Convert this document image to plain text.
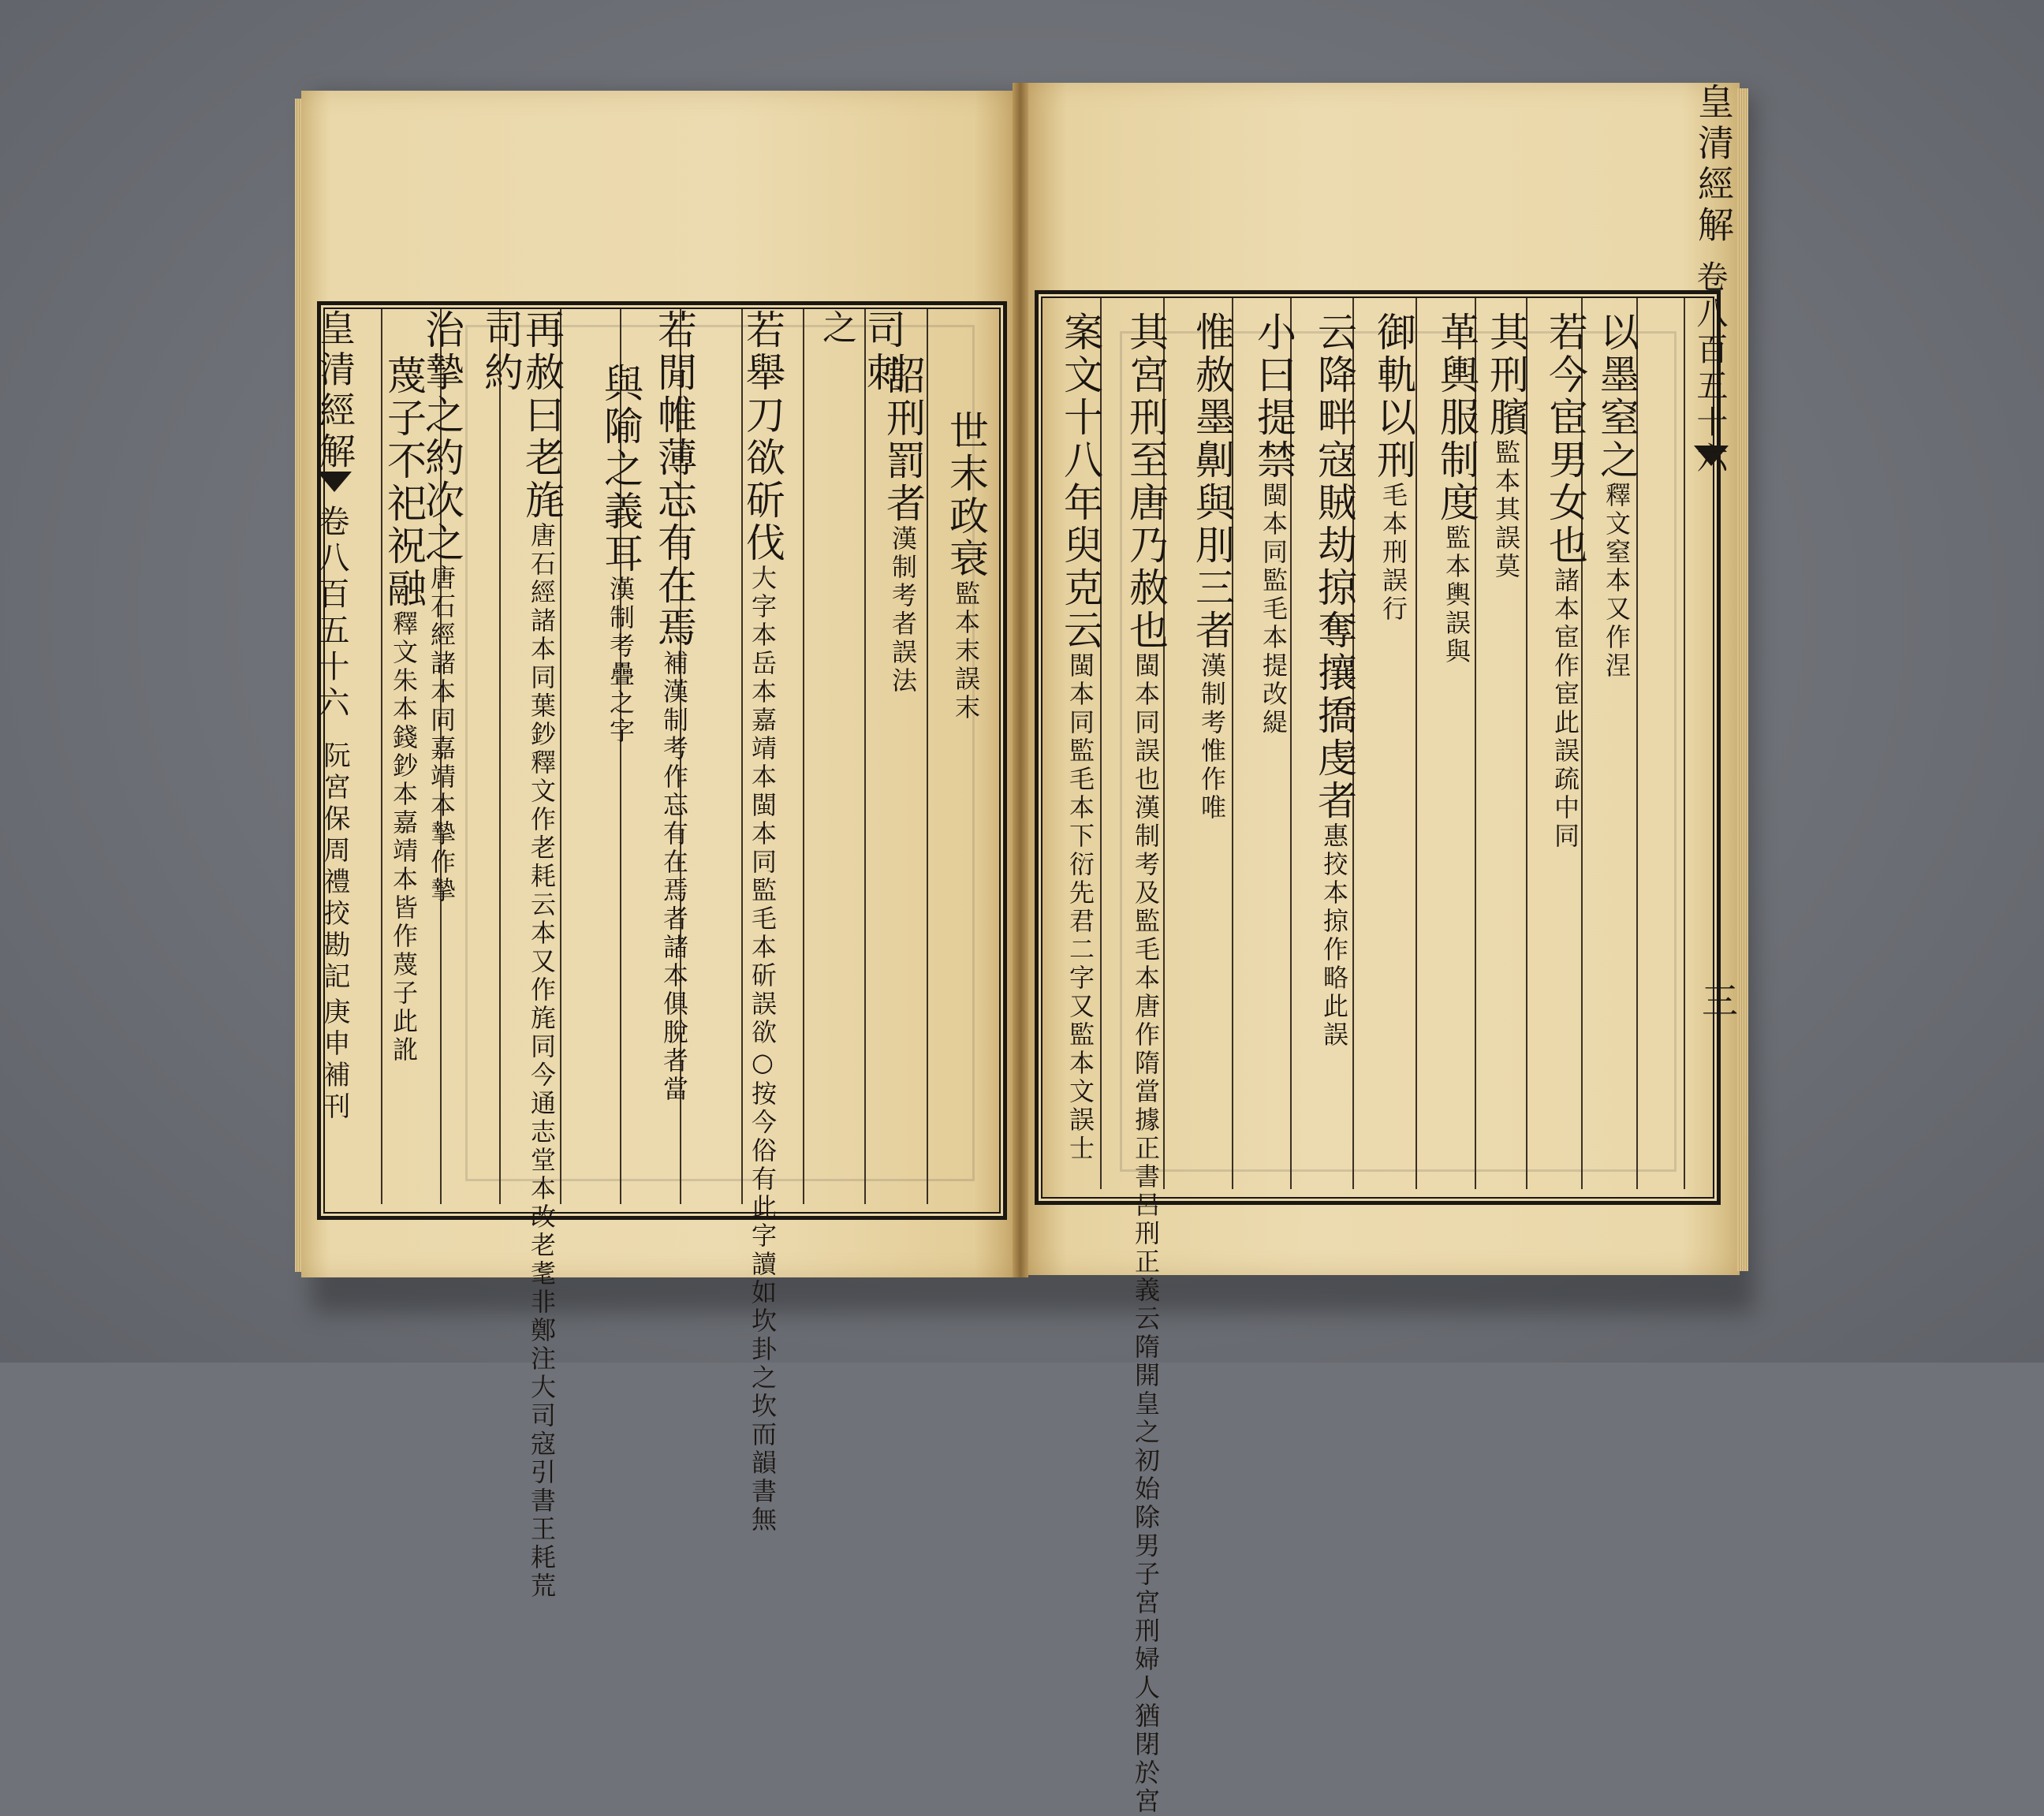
皇清經解
卷八百五十六
阮宮保周禮挍勘記
庚申補刊
蔑子不祀祝融釋文朱本錢鈔本嘉靖本皆作蔑子此訛
治摯之約次之唐石經諸本同嘉靖本摯作摯
司約
再赦曰老旄唐石經諸本同葉鈔釋文作老耗云本又作旄同今通志堂本改老耄非鄭注大司寇引書王耗荒
與隃之義耳漢制考疊之字
若閒帷薄忘有在焉補漢制考作忘有在焉者諸本俱脫者當
若舉刀欲斫伐大字本岳本嘉靖本閩本同監毛本斫誤欲○按今俗有此字讀如坎卦之坎而韻書無
之 司刺
詔刑罰者漢制考者誤法
世末政衰監本末誤末
皇清經解
卷八百五十六
三
案文十八年臾克云閩本同監毛本下衍先君二字又監本文誤士
其宮刑至唐乃赦也閩本同誤也漢制考及監毛本唐作隋當據正書呂刑正義云隋開皇之初始除男子宮刑婦人猶閉於宮
惟赦墨劓與刖三者漢制考惟作唯
小曰提禁閩本同監毛本提改緹 云降畔寇賊劫掠奪攘撟虔者惠挍本掠作略此誤
御軌以刑毛本刑誤行
革輿服制度監本輿誤與
其刑臏監本其誤莫 若今宦男女也諸本宦作宦此誤疏中同
以墨窒之釋文窒本又作涅
